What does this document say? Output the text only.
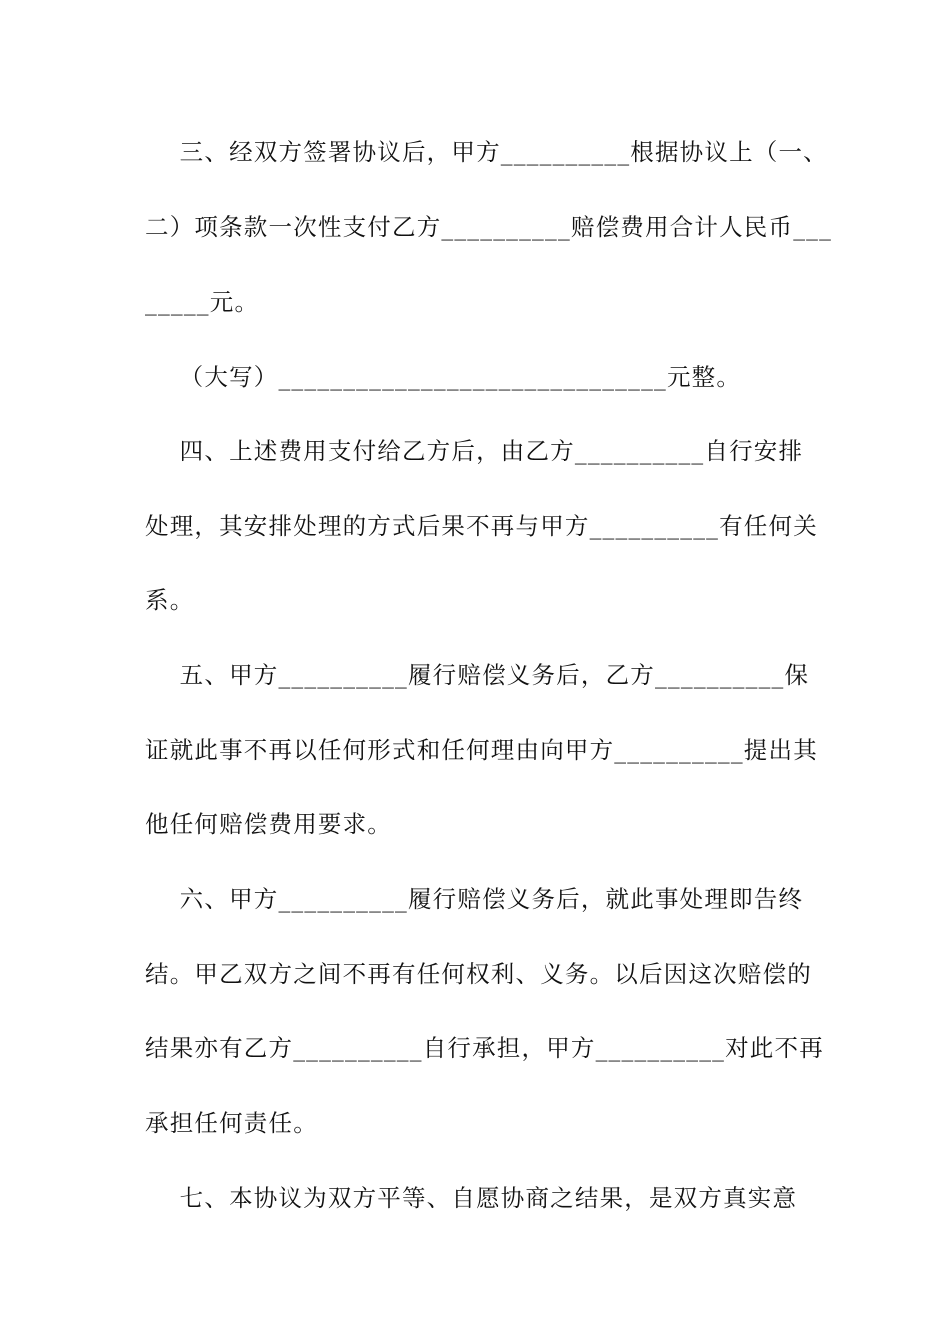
三、经双方签署协议后，甲方__________根据协议上（一、
二）项条款一次性支付乙方__________赔偿费用合计人民币___
_____元。
（大写）______________________________元整。
四、上述费用支付给乙方后，由乙方__________自行安排
处理，其安排处理的方式后果不再与甲方__________有任何关
系。
五、甲方__________履行赔偿义务后，乙方__________保
证就此事不再以任何形式和任何理由向甲方__________提出其
他任何赔偿费用要求。
六、甲方__________履行赔偿义务后，就此事处理即告终
结。甲乙双方之间不再有任何权利、义务。以后因这次赔偿的
结果亦有乙方__________自行承担，甲方__________对此不再
承担任何责任。
七、本协议为双方平等、自愿协商之结果，是双方真实意
